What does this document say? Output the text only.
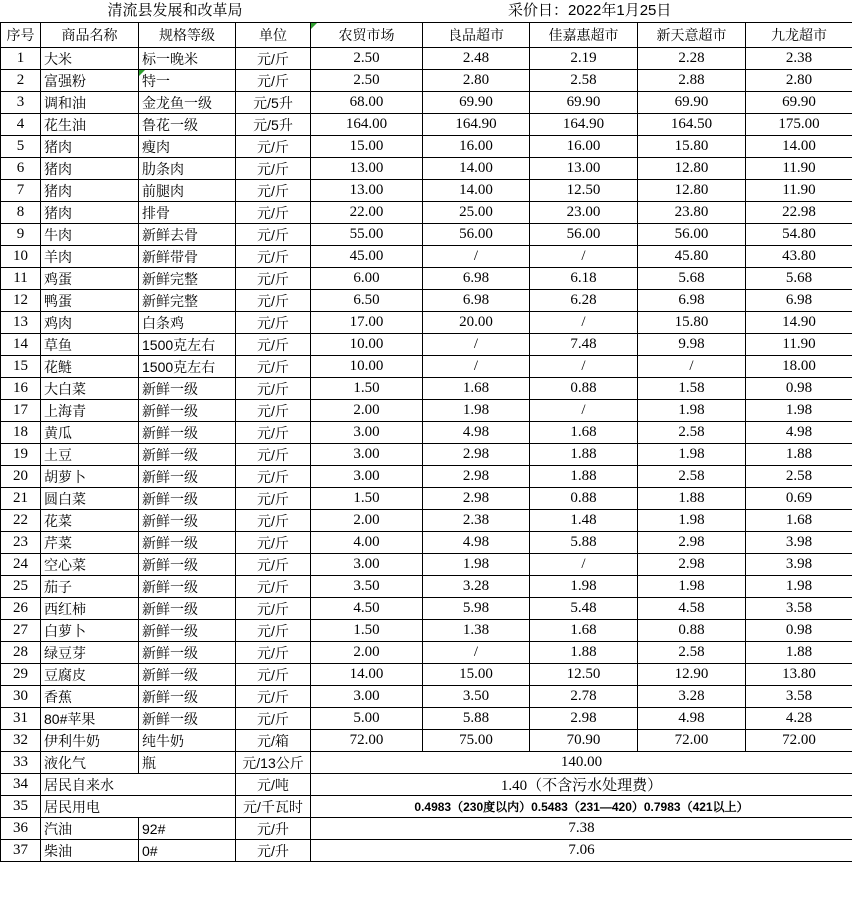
清流县发展和改革局	采价日：2022年1月25日
序号	商品名称	规格等级	单位	农贸市场	良品超市	佳嘉惠超市	新天意超市	九龙超市
1	大米	标一晚米	元/斤	2.50	2.48	2.19	2.28	2.38
2	富强粉	特一	元/斤	2.50	2.80	2.58	2.88	2.80
3	调和油	金龙鱼一级	元/5升	68.00	69.90	69.90	69.90	69.90
4	花生油	鲁花一级	元/5升	164.00	164.90	164.90	164.50	175.00
5	猪肉	瘦肉	元/斤	15.00	16.00	16.00	15.80	14.00
6	猪肉	肋条肉	元/斤	13.00	14.00	13.00	12.80	11.90
7	猪肉	前腿肉	元/斤	13.00	14.00	12.50	12.80	11.90
8	猪肉	排骨	元/斤	22.00	25.00	23.00	23.80	22.98
9	牛肉	新鲜去骨	元/斤	55.00	56.00	56.00	56.00	54.80
10	羊肉	新鲜带骨	元/斤	45.00	/	/	45.80	43.80
11	鸡蛋	新鲜完整	元/斤	6.00	6.98	6.18	5.68	5.68
12	鸭蛋	新鲜完整	元/斤	6.50	6.98	6.28	6.98	6.98
13	鸡肉	白条鸡	元/斤	17.00	20.00	/	15.80	14.90
14	草鱼	1500克左右	元/斤	10.00	/	7.48	9.98	11.90
15	花鲢	1500克左右	元/斤	10.00	/	/	/	18.00
16	大白菜	新鲜一级	元/斤	1.50	1.68	0.88	1.58	0.98
17	上海青	新鲜一级	元/斤	2.00	1.98	/	1.98	1.98
18	黄瓜	新鲜一级	元/斤	3.00	4.98	1.68	2.58	4.98
19	土豆	新鲜一级	元/斤	3.00	2.98	1.88	1.98	1.88
20	胡萝卜	新鲜一级	元/斤	3.00	2.98	1.88	2.58	2.58
21	圆白菜	新鲜一级	元/斤	1.50	2.98	0.88	1.88	0.69
22	花菜	新鲜一级	元/斤	2.00	2.38	1.48	1.98	1.68
23	芹菜	新鲜一级	元/斤	4.00	4.98	5.88	2.98	3.98
24	空心菜	新鲜一级	元/斤	3.00	1.98	/	2.98	3.98
25	茄子	新鲜一级	元/斤	3.50	3.28	1.98	1.98	1.98
26	西红柿	新鲜一级	元/斤	4.50	5.98	5.48	4.58	3.58
27	白萝卜	新鲜一级	元/斤	1.50	1.38	1.68	0.88	0.98
28	绿豆芽	新鲜一级	元/斤	2.00	/	1.88	2.58	1.88
29	豆腐皮	新鲜一级	元/斤	14.00	15.00	12.50	12.90	13.80
30	香蕉	新鲜一级	元/斤	3.00	3.50	2.78	3.28	3.58
31	80#苹果	新鲜一级	元/斤	5.00	5.88	2.98	4.98	4.28
32	伊利牛奶	纯牛奶	元/箱	72.00	75.00	70.90	72.00	72.00
33	液化气	瓶	元/13公斤	140.00				
34	居民自来水		元/吨	1.40（不含污水处理费）				
35	居民用电		元/千瓦时	0.4983（230度以内）0.5483（231—420）0.7983（421以上）				
36	汽油	92#	元/升	7.38				
37	柴油	0#	元/升	7.06				
